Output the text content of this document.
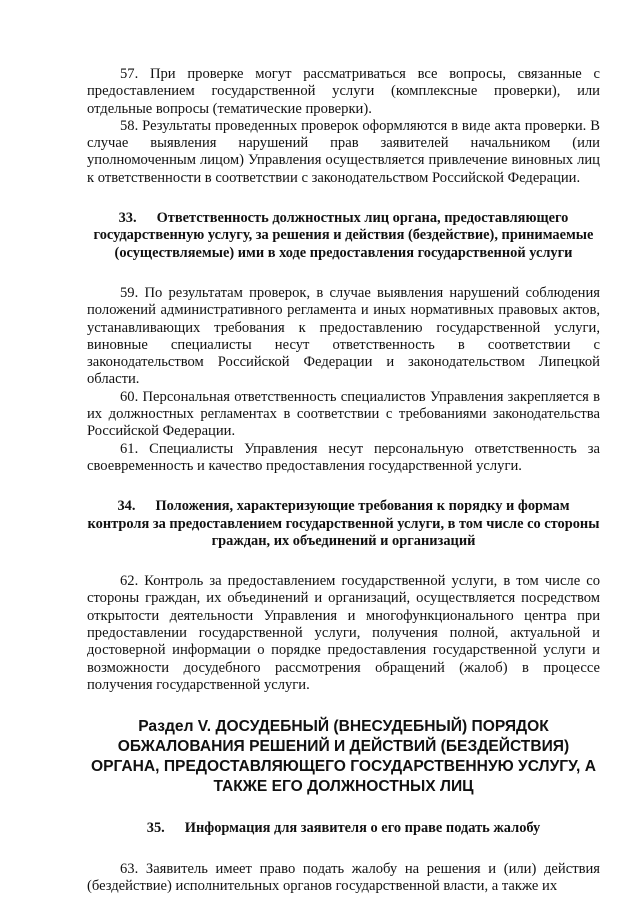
57. При проверке могут рассматриваться все вопросы, связанные с предоставлением государственной услуги (комплексные проверки), или отдельные вопросы (тематические проверки).

58. Результаты проведенных проверок оформляются в виде акта проверки. В случае выявления нарушений прав заявителей начальником (или уполномоченным лицом) Управления осуществляется привлечение виновных лиц к ответственности в соответствии с законодательством Российской Федерации.

33. Ответственность должностных лиц органа, предоставляющего государственную услугу, за решения и действия (бездействие), принимаемые (осуществляемые) ими в ходе предоставления государственной услуги

59. По результатам проверок, в случае выявления нарушений соблюдения положений административного регламента и иных нормативных правовых актов, устанавливающих требования к предоставлению государственной услуги, виновные специалисты несут ответственность в соответствии с законодательством Российской Федерации и законодательством Липецкой области.

60. Персональная ответственность специалистов Управления закрепляется в их должностных регламентах в соответствии с требованиями законодательства Российской Федерации.

61. Специалисты Управления несут персональную ответственность за своевременность и качество предоставления государственной услуги.

34. Положения, характеризующие требования к порядку и формам контроля за предоставлением государственной услуги, в том числе со стороны граждан, их объединений и организаций

62. Контроль за предоставлением государственной услуги, в том числе со стороны граждан, их объединений и организаций, осуществляется посредством открытости деятельности Управления и многофункционального центра при предоставлении государственной услуги, получения полной, актуальной и достоверной информации о порядке предоставления государственной услуги и возможности досудебного рассмотрения обращений (жалоб) в процессе получения государственной услуги.

Раздел V. ДОСУДЕБНЫЙ (ВНЕСУДЕБНЫЙ) ПОРЯДОК ОБЖАЛОВАНИЯ РЕШЕНИЙ И ДЕЙСТВИЙ (БЕЗДЕЙСТВИЯ) ОРГАНА, ПРЕДОСТАВЛЯЮЩЕГО ГОСУДАРСТВЕННУЮ УСЛУГУ, А ТАКЖЕ ЕГО ДОЛЖНОСТНЫХ ЛИЦ

35. Информация для заявителя о его праве подать жалобу

63. Заявитель имеет право подать жалобу на решения и (или) действия (бездействие) исполнительных органов государственной власти, а также их
